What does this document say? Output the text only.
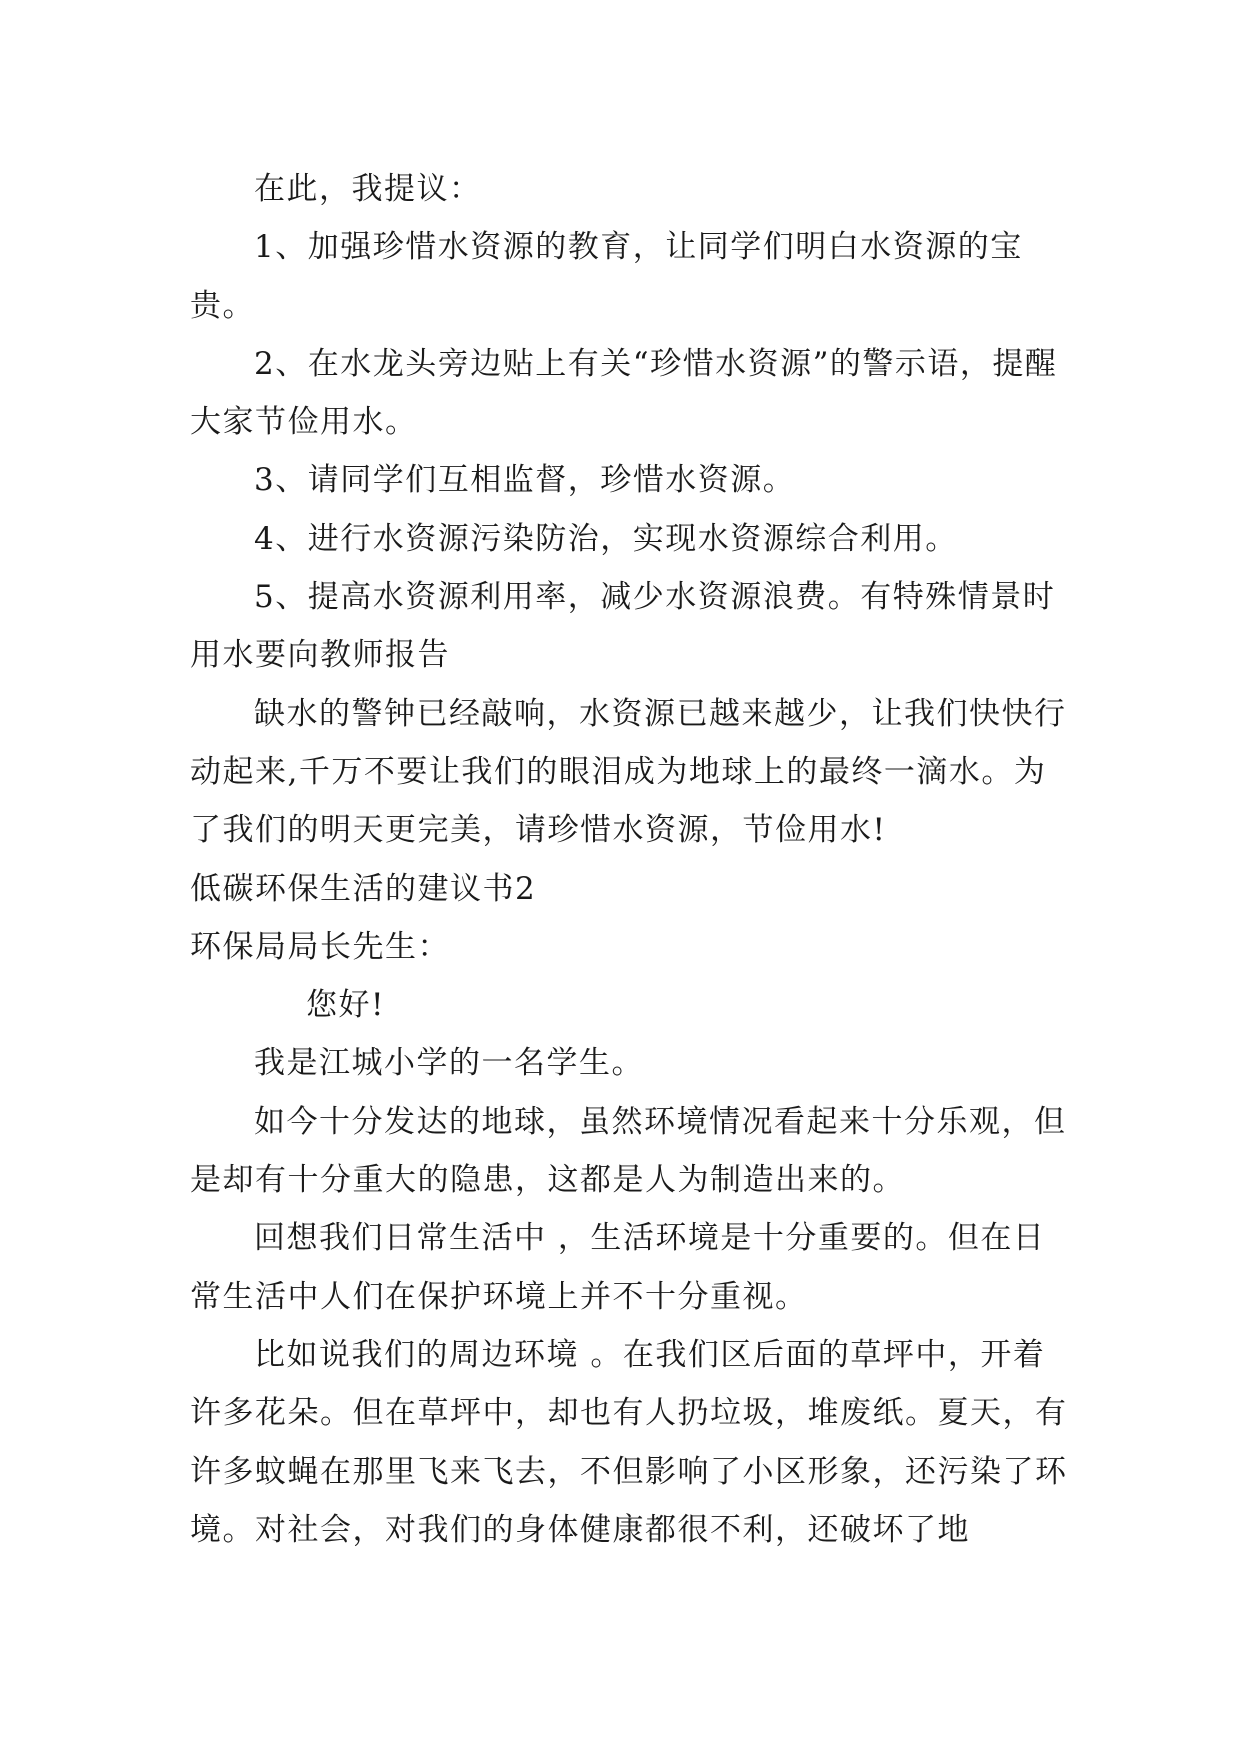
在此，我提议：

1、加强珍惜水资源的教育，让同学们明白水资源的宝贵。

2、在水龙头旁边贴上有关“珍惜水资源”的警示语，提醒大家节俭用水。

3、请同学们互相监督，珍惜水资源。

4、进行水资源污染防治，实现水资源综合利用。

5、提高水资源利用率，减少水资源浪费。有特殊情景时用水要向教师报告

缺水的警钟已经敲响，水资源已越来越少，让我们快快行动起来,千万不要让我们的眼泪成为地球上的最终一滴水。为了我们的明天更完美，请珍惜水资源，节俭用水!

低碳环保生活的建议书2

环保局局长先生：

您好!

我是江城小学的一名学生。

如今十分发达的地球，虽然环境情况看起来十分乐观，但是却有十分重大的隐患，这都是人为制造出来的。

回想我们日常生活中 ，生活环境是十分重要的。但在日常生活中人们在保护环境上并不十分重视。

比如说我们的周边环境 。在我们区后面的草坪中，开着许多花朵。但在草坪中，却也有人扔垃圾，堆废纸。夏天，有许多蚊蝇在那里飞来飞去，不但影响了小区形象，还污染了环境。对社会，对我们的身体健康都很不利，还破坏了地
